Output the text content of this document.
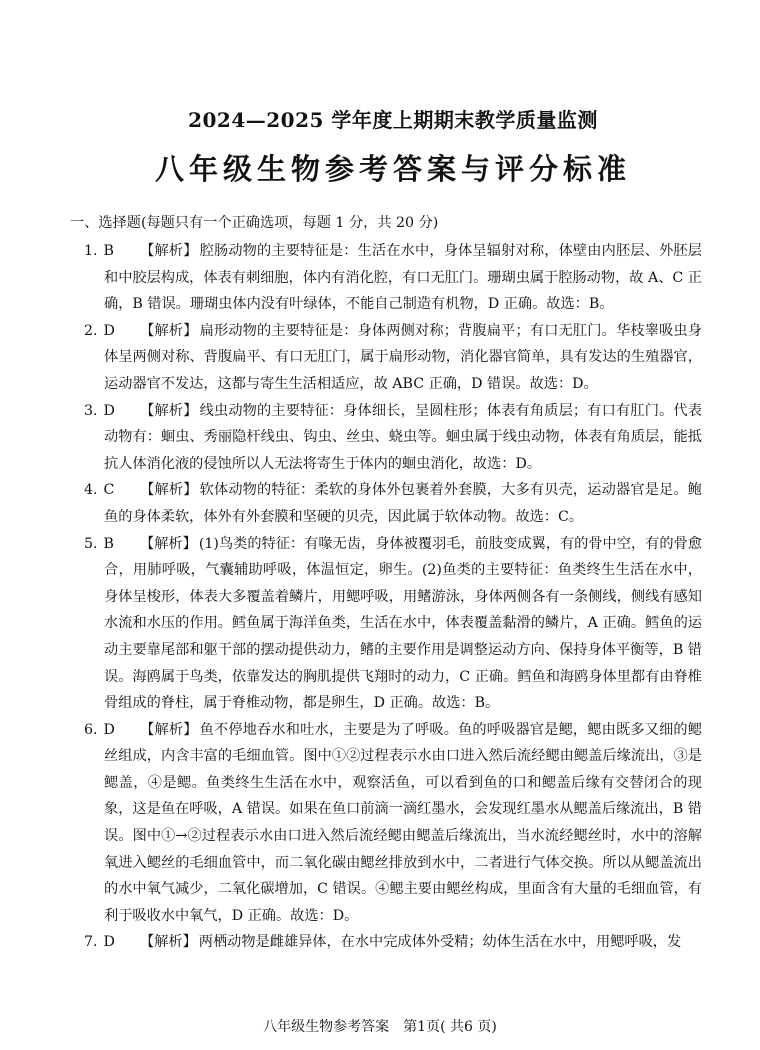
2024—2025 学年度上期期末教学质量监测
八年级生物参考答案与评分标准
一、选择题(每题只有一个正确选项，每题 1 分，共 20 分)
1. B	【解析】 腔肠动物的主要特征是：生活在水中，身体呈辐射对称，体壁由内胚层、外胚层和中胶层构成，体表有刺细胞，体内有消化腔，有口无肛门。珊瑚虫属于腔肠动物，故 A、C 正确，B 错误。珊瑚虫体内没有叶绿体，不能自己制造有机物，D 正确。故选：B。
2. D	【解析】 扁形动物的主要特征是：身体两侧对称；背腹扁平；有口无肛门。华枝睾吸虫身体呈两侧对称、背腹扁平、有口无肛门，属于扁形动物，消化器官简单，具有发达的生殖器官，运动器官不发达，这都与寄生生活相适应，故 ABC 正确，D 错误。故选：D。
3. D	【解析】 线虫动物的主要特征：身体细长，呈圆柱形；体表有角质层；有口有肛门。代表动物有：蛔虫、秀丽隐杆线虫、钩虫、丝虫、蛲虫等。蛔虫属于线虫动物，体表有角质层，能抵抗人体消化液的侵蚀所以人无法将寄生于体内的蛔虫消化，故选：D。
4. C	【解析】 软体动物的特征：柔软的身体外包裹着外套膜，大多有贝壳，运动器官是足。鲍鱼的身体柔软，体外有外套膜和坚硬的贝壳，因此属于软体动物。故选：C。
5. B	【解析】 (1)鸟类的特征：有喙无齿，身体被覆羽毛，前肢变成翼，有的骨中空，有的骨愈合，用肺呼吸，气囊辅助呼吸，体温恒定，卵生。(2)鱼类的主要特征：鱼类终生生活在水中，身体呈梭形，体表大多覆盖着鳞片，用鳃呼吸，用鳍游泳，身体两侧各有一条侧线，侧线有感知水流和水压的作用。鳕鱼属于海洋鱼类，生活在水中，体表覆盖黏滑的鳞片，A 正确。鳕鱼的运动主要靠尾部和躯干部的摆动提供动力，鳍的主要作用是调整运动方向、保持身体平衡等，B 错误。海鸥属于鸟类，依靠发达的胸肌提供飞翔时的动力，C 正确。鳕鱼和海鸥身体里都有由脊椎骨组成的脊柱，属于脊椎动物，都是卵生，D 正确。故选：B。
6. D	【解析】 鱼不停地吞水和吐水，主要是为了呼吸。鱼的呼吸器官是鳃，鳃由既多又细的鳃丝组成，内含丰富的毛细血管。图中①②过程表示水由口进入然后流经鳃由鳃盖后缘流出，③是鳃盖，④是鳃。鱼类终生生活在水中，观察活鱼，可以看到鱼的口和鳃盖后缘有交替闭合的现象，这是鱼在呼吸，A 错误。如果在鱼口前滴一滴红墨水，会发现红墨水从鳃盖后缘流出，B 错误。图中①→②过程表示水由口进入然后流经鳃由鳃盖后缘流出，当水流经鳃丝时，水中的溶解氧进入鳃丝的毛细血管中，而二氧化碳由鳃丝排放到水中，二者进行气体交换。所以从鳃盖流出的水中氧气减少，二氧化碳增加，C 错误。④鳃主要由鳃丝构成，里面含有大量的毛细血管，有利于吸收水中氧气，D 正确。故选：D。
7. D	【解析】 两栖动物是雌雄异体，在水中完成体外受精；幼体生活在水中，用鳃呼吸，发
八年级生物参考答案　第1页( 共6 页)
